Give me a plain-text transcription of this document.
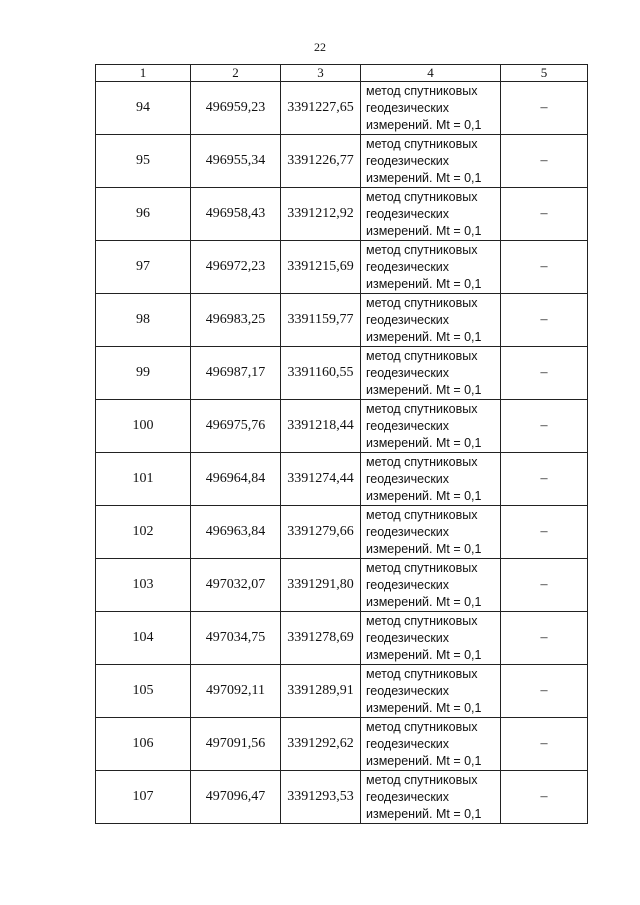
22
1	2	3	4	5
94	496959,23	3391227,65	метод спутниковых
геодезических
измерений. Mt = 0,1	–
95	496955,34	3391226,77	метод спутниковых
геодезических
измерений. Mt = 0,1	–
96	496958,43	3391212,92	метод спутниковых
геодезических
измерений. Mt = 0,1	–
97	496972,23	3391215,69	метод спутниковых
геодезических
измерений. Mt = 0,1	–
98	496983,25	3391159,77	метод спутниковых
геодезических
измерений. Mt = 0,1	–
99	496987,17	3391160,55	метод спутниковых
геодезических
измерений. Mt = 0,1	–
100	496975,76	3391218,44	метод спутниковых
геодезических
измерений. Mt = 0,1	–
101	496964,84	3391274,44	метод спутниковых
геодезических
измерений. Mt = 0,1	–
102	496963,84	3391279,66	метод спутниковых
геодезических
измерений. Mt = 0,1	–
103	497032,07	3391291,80	метод спутниковых
геодезических
измерений. Mt = 0,1	–
104	497034,75	3391278,69	метод спутниковых
геодезических
измерений. Mt = 0,1	–
105	497092,11	3391289,91	метод спутниковых
геодезических
измерений. Mt = 0,1	–
106	497091,56	3391292,62	метод спутниковых
геодезических
измерений. Mt = 0,1	–
107	497096,47	3391293,53	метод спутниковых
геодезических
измерений. Mt = 0,1	–
